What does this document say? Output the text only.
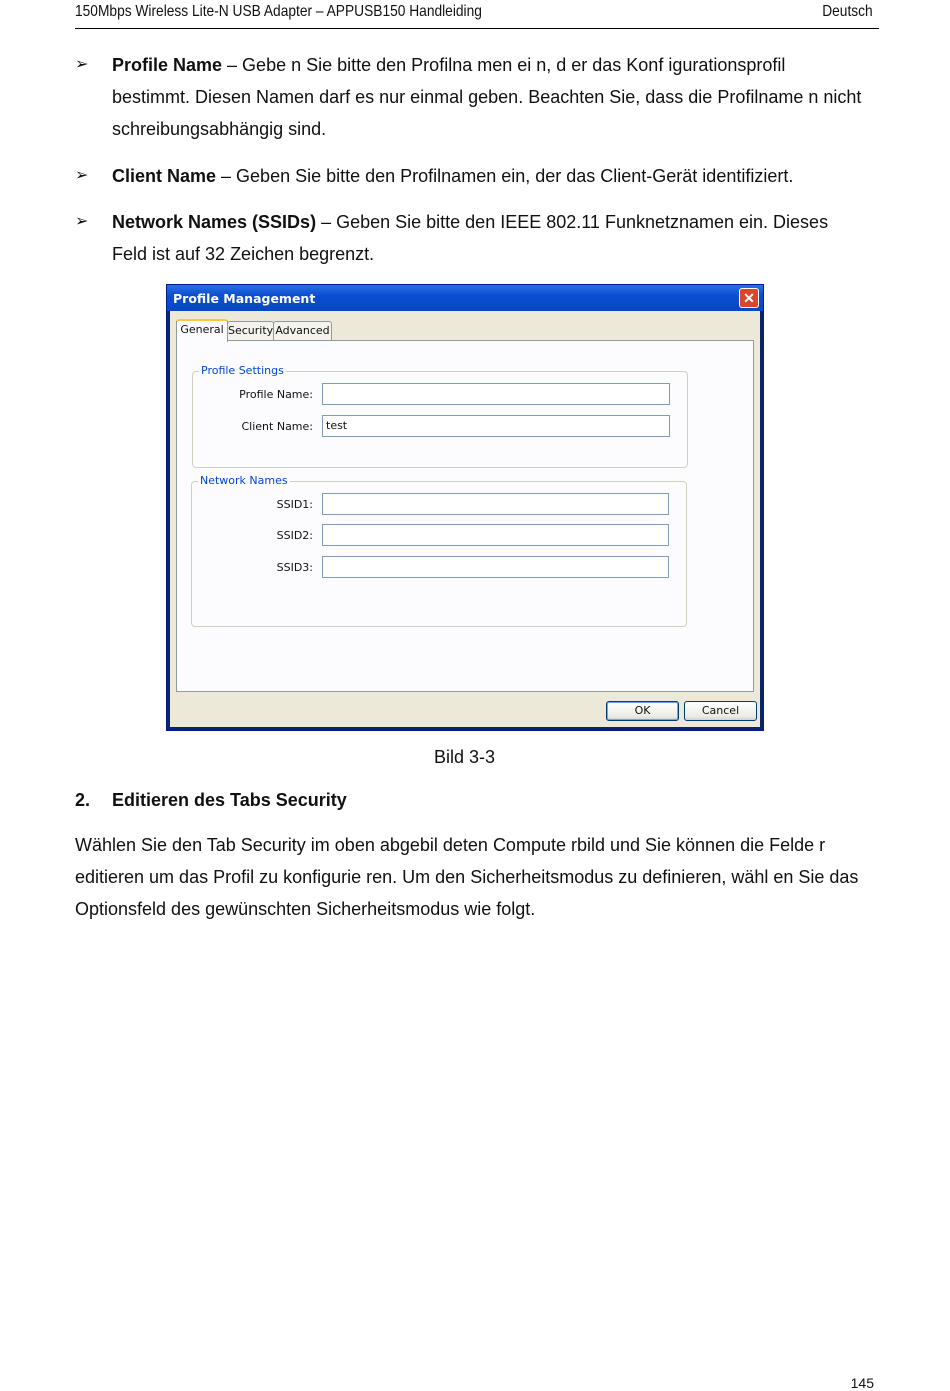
150Mbps Wireless Lite-N USB Adapter – APPUSB150 Handleiding	Deutsch
➢ Profile Name – Gebe n Sie bitte den Profilna men ei n, d er das Konf igurationsprofil bestimmt. Diesen Namen darf es nur einmal geben. Beachten Sie, dass die Profilname n nicht schreibungsabhängig sind.
➢ Client Name – Geben Sie bitte den Profilnamen ein, der das Client-Gerät identifiziert.
➢ Network Names (SSIDs) – Geben Sie bitte den IEEE 802.11 Funknetznamen ein. Dieses Feld ist auf 32 Zeichen begrenzt.
Profile Management	✕
General Security Advanced
Profile Settings
Profile Name:
Client Name:	test
Network Names
SSID1:
SSID2:
SSID3:
OK	Cancel
Bild 3-3
2. Editieren des Tabs Security
Wählen Sie den Tab Security im oben abgebil deten Compute rbild und Sie können die Felde r editieren um das Profil zu konfigurie ren. Um den Sicherheitsmodus zu definieren, wähl en Sie das Optionsfeld des gewünschten Sicherheitsmodus wie folgt.
145
